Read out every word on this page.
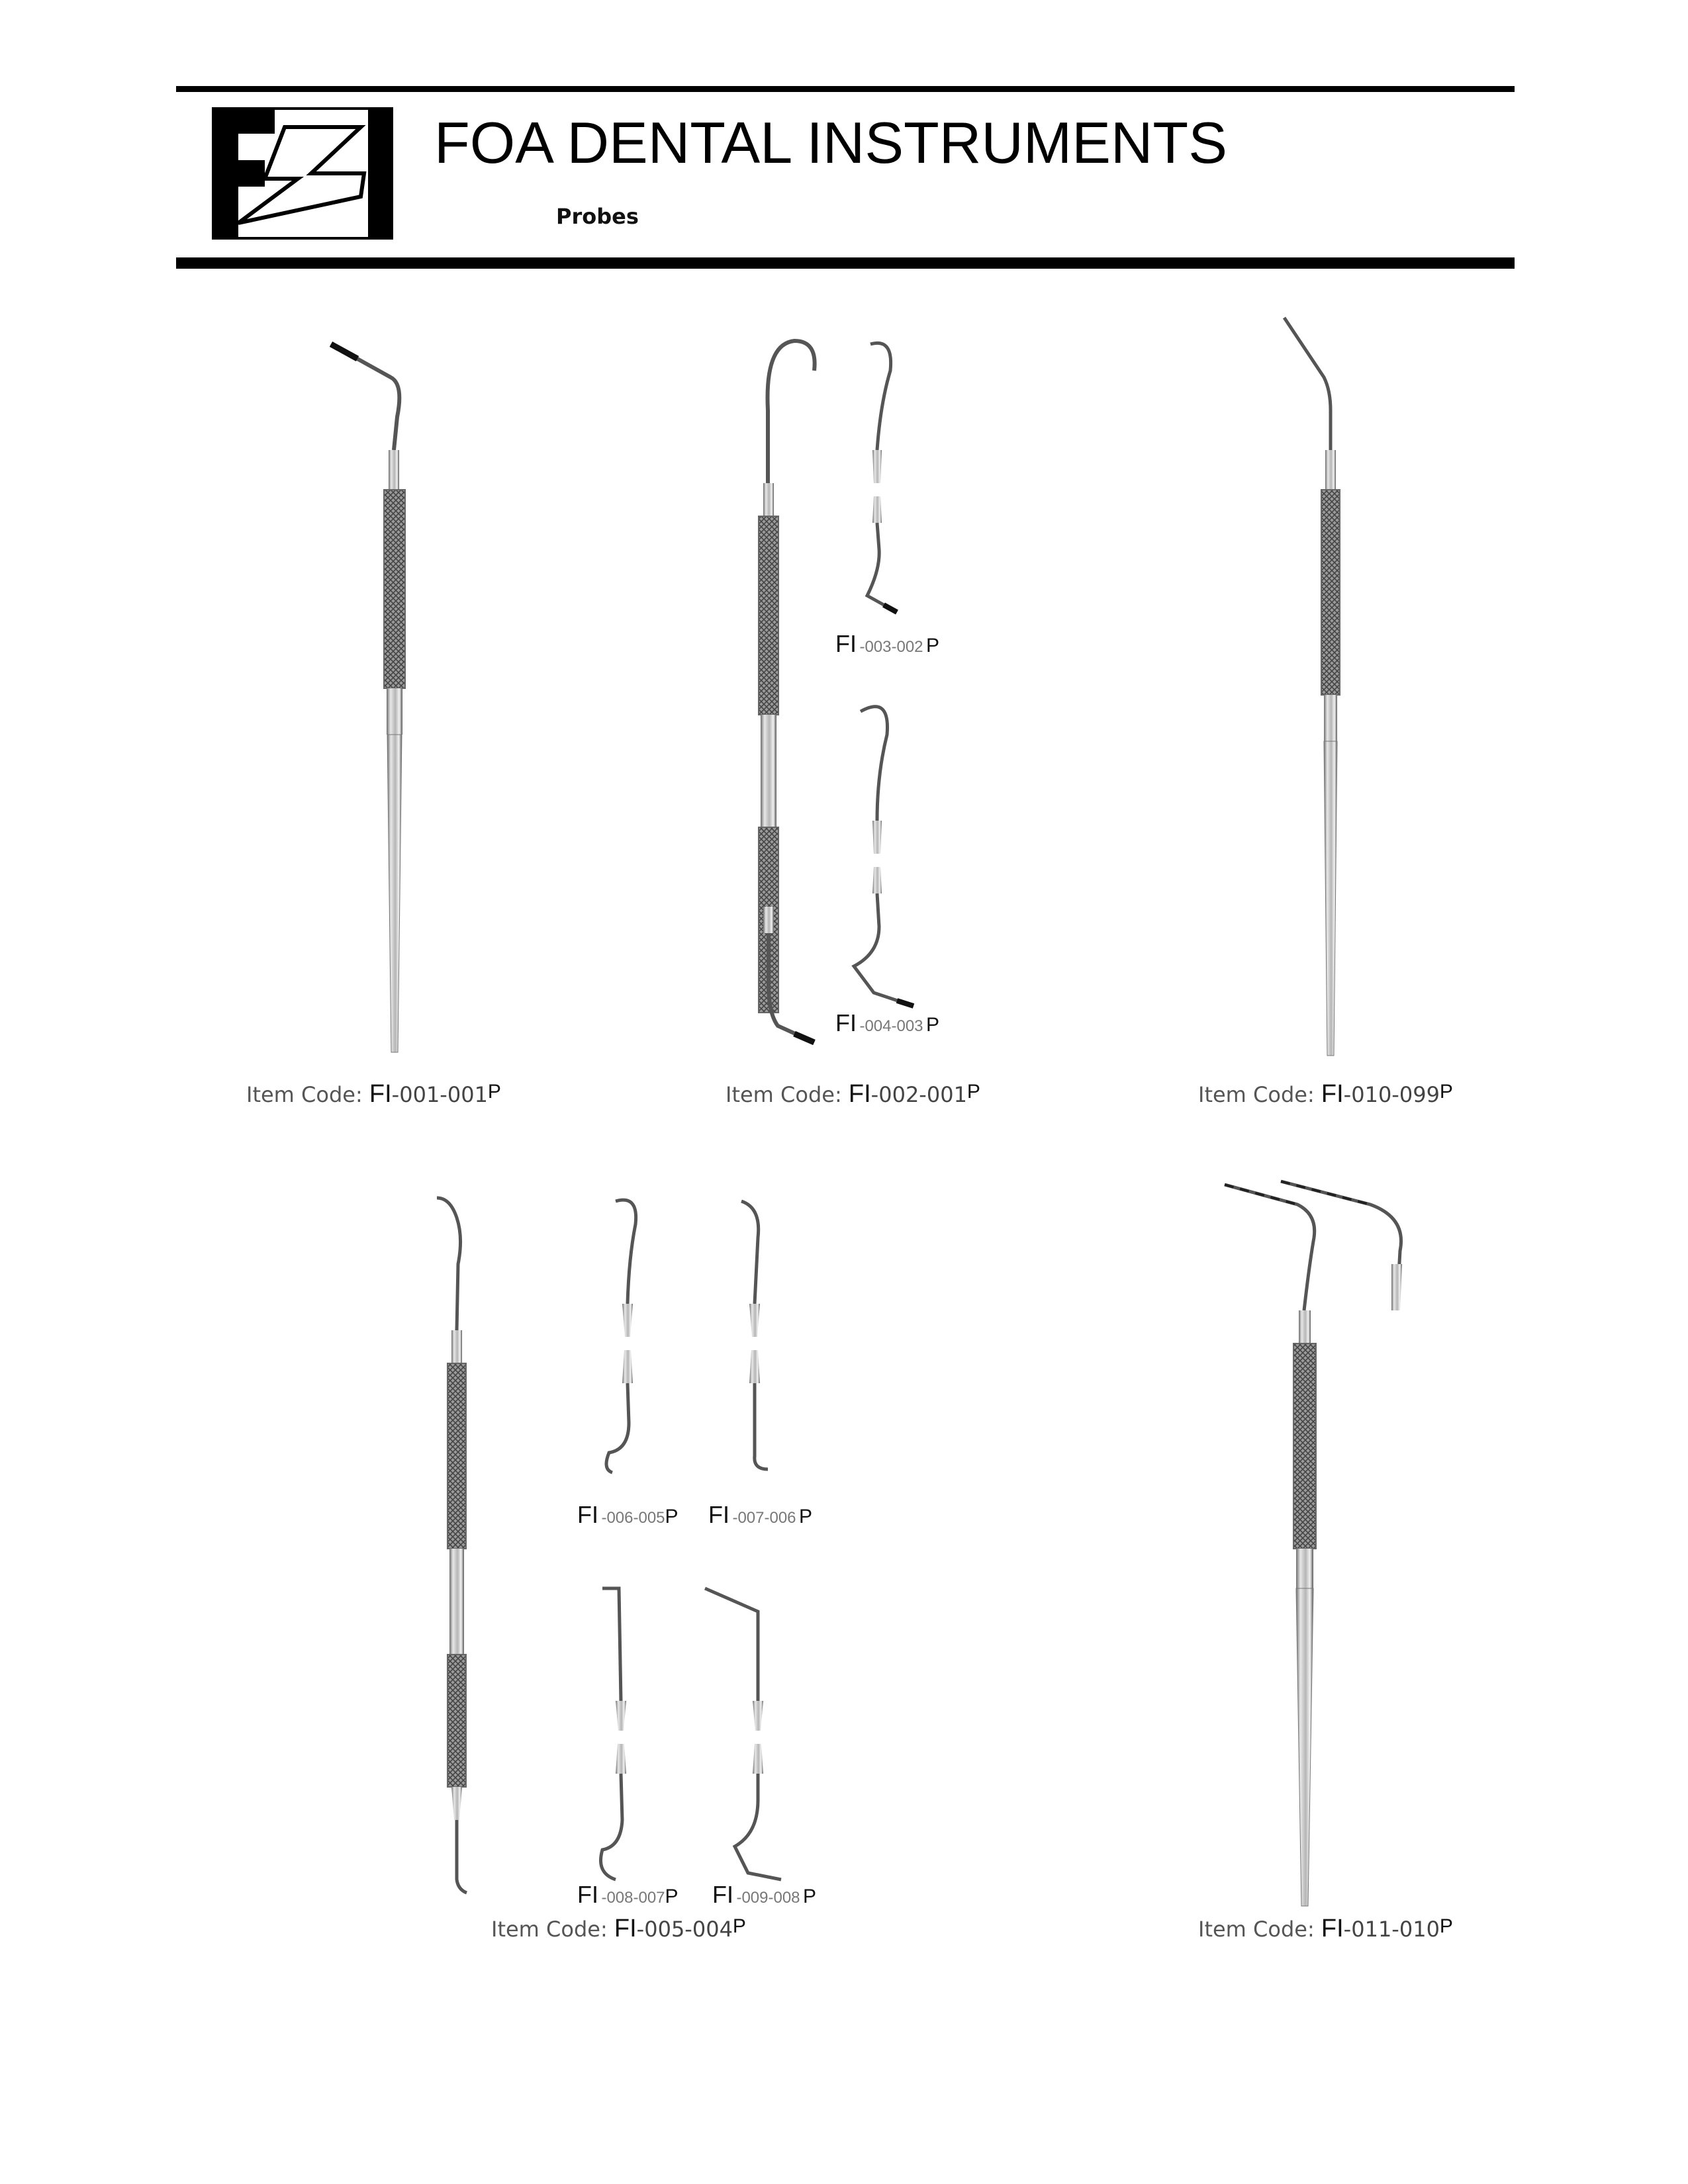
FOA DENTAL INSTRUMENTS
Probes
FI -003-002 P
FI -004-003 P
FI -006-005P FI -007-006 P
FI -008-007P FI -009-008 P
Item Code: FI-001-001P	Item Code: FI-002-001P	Item Code: FI-010-099P
Item Code: FI-005-004P	Item Code: FI-011-010P
